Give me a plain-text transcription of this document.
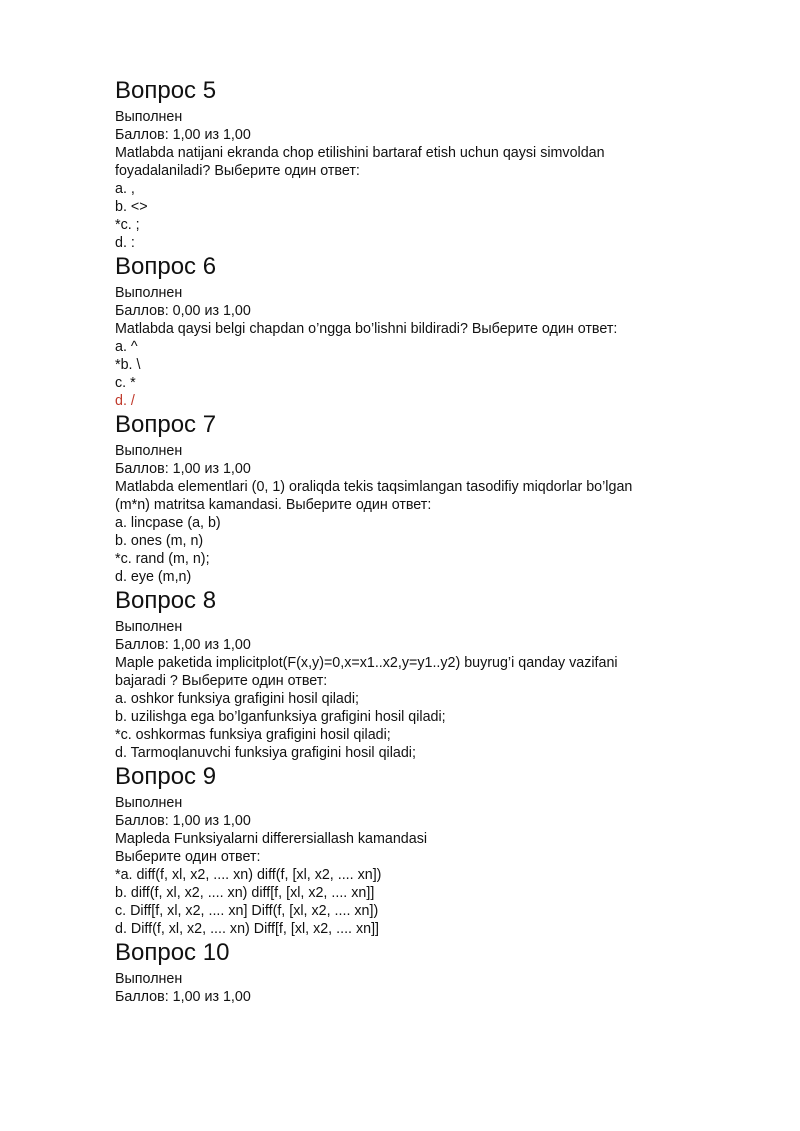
Вопрос 5
Выполнен
Баллов: 1,00 из 1,00
Matlabda natijani ekranda chop etilishini bartaraf etish uchun qaysi simvoldan
foyadalaniladi? Выберите один ответ:
a. ,
b. <>
*c. ;
d. :
Вопрос 6
Выполнен
Баллов: 0,00 из 1,00
Matlabda qaysi belgi chapdan o’ngga bo’lishni bildiradi? Выберите один ответ:
a. ^
*b. \
c. *
d. /
Вопрос 7
Выполнен
Баллов: 1,00 из 1,00
Matlabda elementlari (0, 1) oraliqda tekis taqsimlangan tasodifiy miqdorlar bo’lgan
(m*n) matritsa kamandasi. Выберите один ответ:
a. lincpase (a, b)
b. ones (m, n)
*c. rand (m, n);
d. eye (m,n)
Вопрос 8
Выполнен
Баллов: 1,00 из 1,00
Maple paketida implicitplot(F(x,y)=0,x=x1..x2,y=y1..y2) buyrug’i qanday vazifani
bajaradi ? Выберите один ответ:
a. oshkor funksiya grafigini hosil qiladi;
b. uzilishga ega bo’lganfunksiya grafigini hosil qiladi;
*c. oshkormas funksiya grafigini hosil qiladi;
d. Tarmoqlanuvchi funksiya grafigini hosil qiladi;
Вопрос 9
Выполнен
Баллов: 1,00 из 1,00
Mapleda Funksiyalarni differersiallash kamandasi
Выберите один ответ:
*a. diff(f, xl, x2, .... xn) diff(f, [xl, x2, .... xn])
b. diff(f, xl, x2, .... xn) diff[f, [xl, x2, .... xn]]
c. Diff[f, xl, x2, .... xn] Diff(f, [xl, x2, .... xn])
d. Diff(f, xl, x2, .... xn) Diff[f, [xl, x2, .... xn]]
Вопрос 10
Выполнен
Баллов: 1,00 из 1,00
